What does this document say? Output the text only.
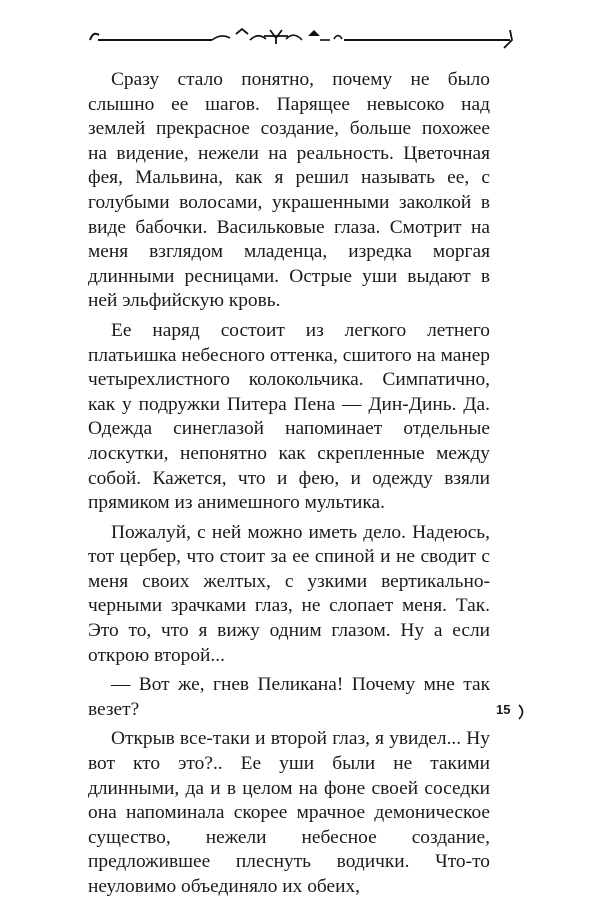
Сразу стало понятно, почему не было слышно ее шагов. Парящее невысоко над землей прекрасное создание, больше похожее на видение, нежели на реальность. Цветочная фея, Мальвина, как я решил называть ее, с голубыми волосами, украшенными заколкой в виде бабочки. Васильковые глаза. Смотрит на меня взглядом младенца, изредка моргая длинными ресницами. Острые уши выдают в ней эльфийскую кровь.

Ее наряд состоит из легкого летнего платьишка небесного оттенка, сшитого на манер четырехлистного колокольчика. Симпатично, как у подружки Питера Пена — Дин-Динь. Да. Одежда синеглазой напоминает отдельные лоскутки, непонятно как скрепленные между собой. Кажется, что и фею, и одежду взяли прямиком из анимешного мультика.

Пожалуй, с ней можно иметь дело. Надеюсь, тот цербер, что стоит за ее спиной и не сводит с меня своих желтых, с узкими вертикально-черными зрачками глаз, не слопает меня. Так. Это то, что я вижу одним глазом. Ну а если открою второй...

— Вот же, гнев Пеликана! Почему мне так везет?

Открыв все-таки и второй глаз, я увидел... Ну вот кто это?.. Ее уши были не такими длинными, да и в целом на фоне своей соседки она напоминала скорее мрачное демоническое существо, нежели небесное создание, предложившее плеснуть водички. Что-то неуловимо объединяло их обеих,

15
